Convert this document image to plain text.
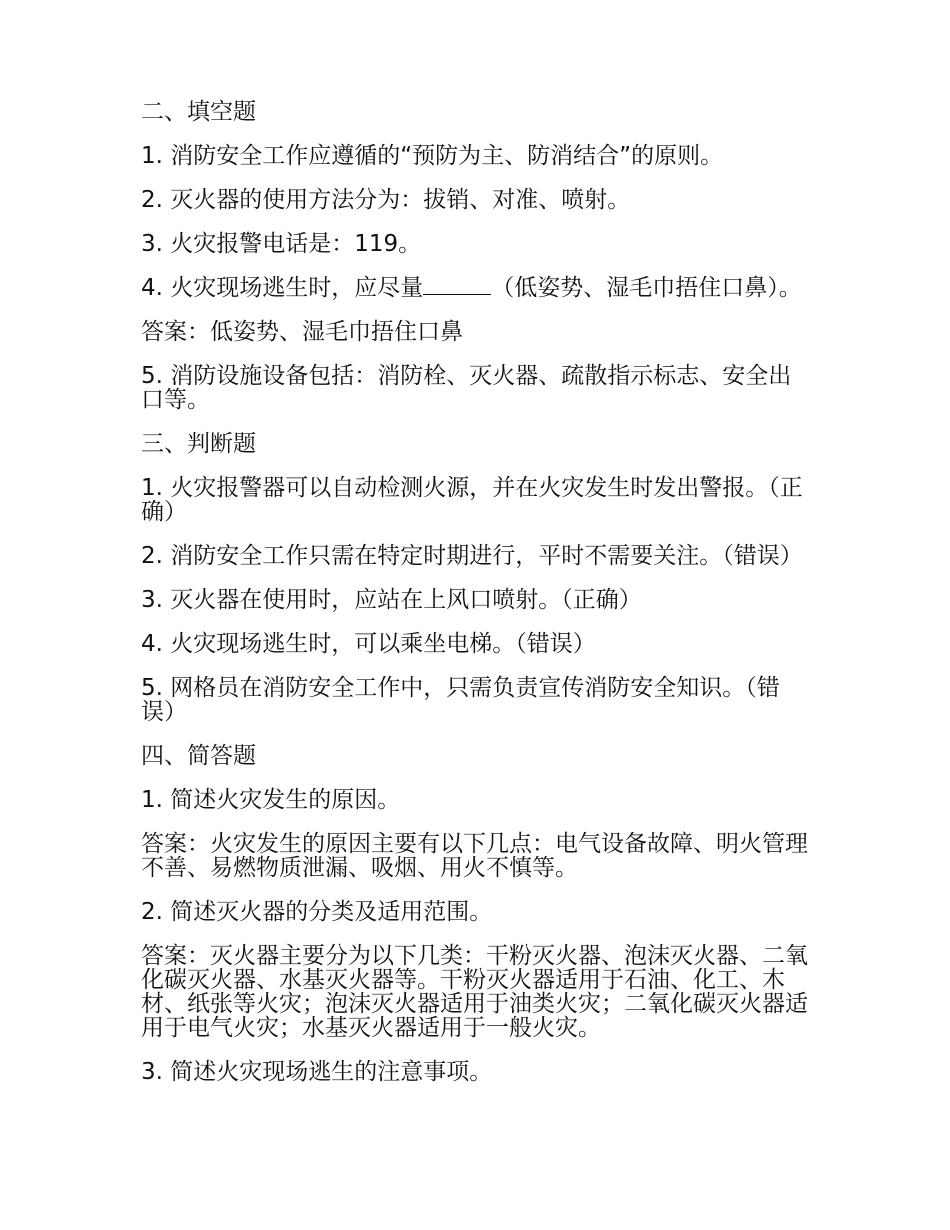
二、填空题
1. 消防安全工作应遵循的“预防为主、防消结合”的原则。
2. 灭火器的使用方法分为：拔销、对准、喷射。
3. 火灾报警电话是：119。
4. 火灾现场逃生时，应尽量	（低姿势、湿毛巾捂住口鼻）。
答案：低姿势、湿毛巾捂住口鼻
5. 消防设施设备包括：消防栓、灭火器、疏散指示标志、安全出口等。
三、判断题
1. 火灾报警器可以自动检测火源，并在火灾发生时发出警报。（正确）
2. 消防安全工作只需在特定时期进行，平时不需要关注。（错误）
3. 灭火器在使用时，应站在上风口喷射。（正确）
4. 火灾现场逃生时，可以乘坐电梯。（错误）
5. 网格员在消防安全工作中，只需负责宣传消防安全知识。（错误）
四、简答题
1. 简述火灾发生的原因。
答案：火灾发生的原因主要有以下几点：电气设备故障、明火管理不善、易燃物质泄漏、吸烟、用火不慎等。
2. 简述灭火器的分类及适用范围。
答案：灭火器主要分为以下几类：干粉灭火器、泡沫灭火器、二氧化碳灭火器、水基灭火器等。干粉灭火器适用于石油、化工、木材、纸张等火灾；泡沫灭火器适用于油类火灾；二氧化碳灭火器适用于电气火灾；水基灭火器适用于一般火灾。
3. 简述火灾现场逃生的注意事项。
